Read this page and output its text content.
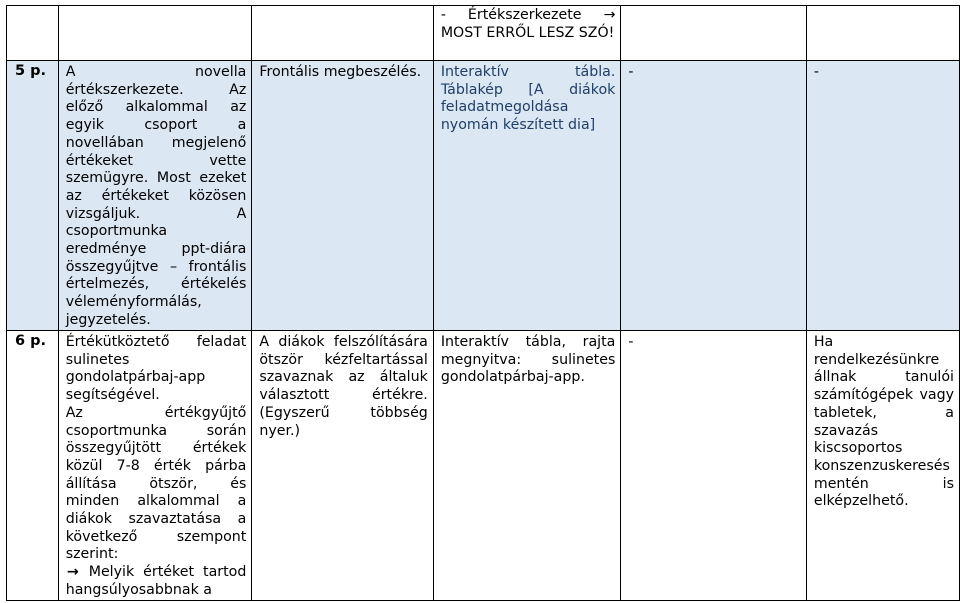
			- Értékszerkezete → MOST ERRŐL LESZ SZÓ!		

5 p.	A novella értékszerkezete. Az előző alkalommal az egyik csoport a novellában megjelenő értékeket vette szemügyre. Most ezeket az értékeket közösen vizsgáljuk. A csoportmunka eredménye ppt-diára összegyűjtve – frontális értelmezés, értékelés véleményformálás, jegyzetelés.	Frontális megbeszélés.	Interaktív tábla. Táblakép [A diákok feladatmegoldása nyomán készített dia]	-	-

6 p.	Értékütköztető feladat sulinetes gondolatpárbaj-app segítségével.

Az értékgyűjtő csoportmunka során összegyűjtött értékek közül 7-8 érték párba állítása ötször, és minden alkalommal a diákok szavaztatása a következő szempont szerint:

→ Melyik értéket tartod hangsúlyosabbnak a	A diákok felszólítására ötször kézfeltartással szavaznak az általuk választott értékre. (Egyszerű többség nyer.)	Interaktív tábla, rajta megnyitva: sulinetes gondolatpárbaj-app.	-	Ha rendelkezésünkre állnak tanulói számítógépek vagy tabletek, a szavazás kiscsoportos konszenzuskeresés mentén is elképzelhető.
